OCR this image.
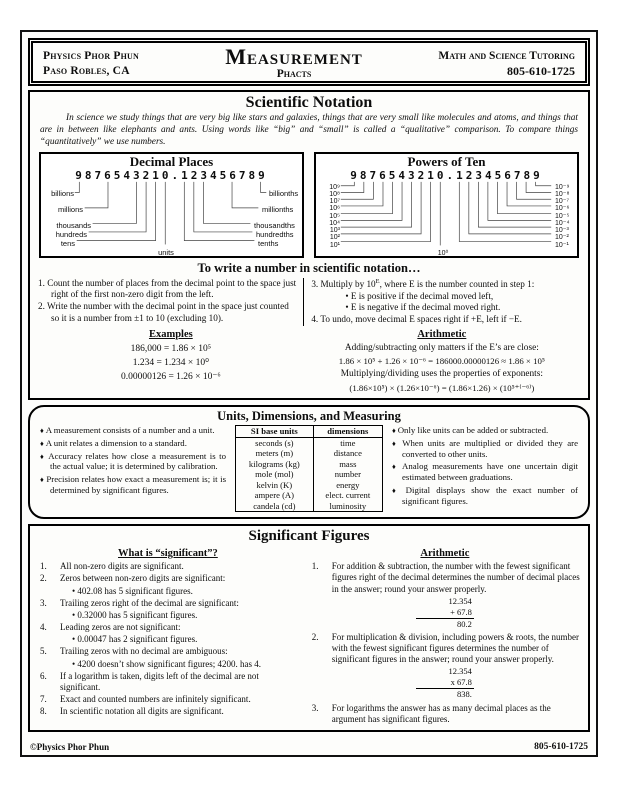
Physics Phor Phun
Paso Robles, CA
Measurement
Phacts
Math and Science Tutoring
805-610-1725
Scientific Notation
In science we study things that are very big like stars and galaxies, things that are very small like molecules and atoms, and things that are in between like elephants and ants. Using words like “big” and “small” is called a “qualitative” comparison. To compare things “quantitatively” we use numbers.
Decimal Places
9876543210.123456789
billions
millions
thousands
hundreds
tens
billionths
millionths
thousandths
hundredths
tenths
units
Powers of Ten
9876543210.123456789
10⁹
10⁸
10⁷
10⁶
10⁵
10⁴
10³
10²
10¹
10⁻⁹
10⁻⁸
10⁻⁷
10⁻⁶
10⁻⁵
10⁻⁴
10⁻³
10⁻²
10⁻¹
10⁰
To write a number in scientific notation…

1. Count the number of places from the decimal point to the space just right of the first non-zero digit from the left.

2. Write the number with the decimal point in the space just counted so it is a number from ±1 to 10 (excluding 10).

3. Multiply by $10^E$, where E is the number counted in step 1:

• E is positive if the decimal moved left,
• E is negative if the decimal moved right.

4. To undo, move decimal E spaces right if +E, left if −E.

Examples
186,000 = 1.86 × 10⁵
1.234 = 1.234 × 10⁰
0.00000126 = 1.26 × 10⁻⁶
Arithmetic
Adding/subtracting only matters if the E’s are close:
1.86 × 10⁵ + 1.26 × 10⁻⁶ = 186000.00000126 ≈ 1.86 × 10⁵
Multiplying/dividing uses the properties of exponents:
(1.86×10⁵) × (1.26×10⁻⁶) = (1.86×1.26) × (10⁵⁺⁽⁻⁶⁾)
Units, Dimensions, and Measuring
♦ A measurement consists of a number and a unit.
♦ A unit relates a dimension to a standard.
♦ Accuracy relates how close a measurement is to the actual value; it is determined by calibration.
♦ Precision relates how exact a measurement is; it is determined by significant figures.
SI base units	dimensions
seconds (s)	time
meters (m)	distance
kilograms (kg)	mass
mole (mol)	number
kelvin (K)	energy
ampere (A)	elect. current
candela (cd)	luminosity
♦ Only like units can be added or subtracted.
♦ When units are multiplied or divided they are converted to other units.
♦ Analog measurements have one uncertain digit estimated between graduations.
♦ Digital displays show the exact number of significant figures.
Significant Figures
What is “significant”?
1. All non-zero digits are significant.
2. Zeros between non-zero digits are significant:
• 402.08 has 5 significant figures.
3. Trailing zeros right of the decimal are significant:
• 0.32000 has 5 significant figures.
4. Leading zeros are not significant:
• 0.00047 has 2 significant figures.
5. Trailing zeros with no decimal are ambiguous:
• 4200 doesn’t show significant figures; 4200. has 4.
6. If a logarithm is taken, digits left of the decimal are not significant.
7. Exact and counted numbers are infinitely significant.
8. In scientific notation all digits are significant.
Arithmetic
1. For addition & subtraction, the number with the fewest significant figures right of the decimal determines the number of decimal places in the answer; round your answer properly.
12.354
+ 67.8
80.2
2. For multiplication & division, including powers & roots, the number with the fewest significant figures determines the number of significant figures in the answer; round your answer properly.
12.354
x 67.8
838.
3. For logarithms the answer has as many decimal places as the argument has significant figures.
©Physics Phor Phun	805-610-1725
